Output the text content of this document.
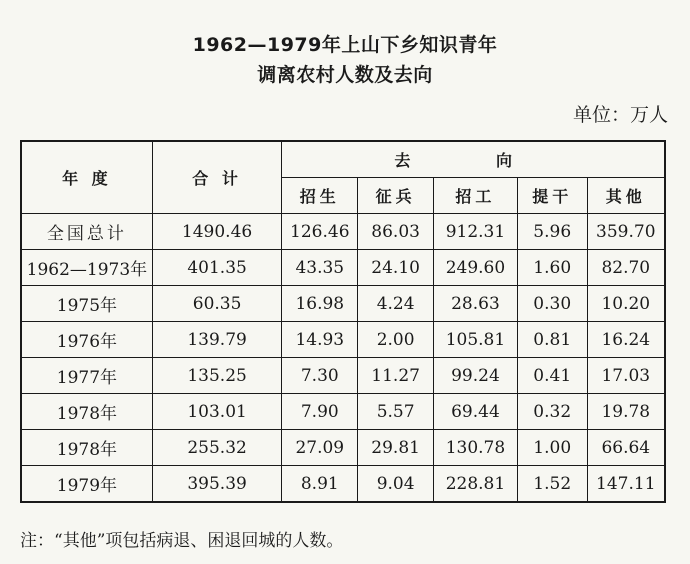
1962—1979年上山下乡知识青年
调离农村人数及去向
单位：万人
年 度	合 计	去 向				
		招生	征兵	招工	提干	其他
全国总计	1490.46	126.46	86.03	912.31	5.96	359.70
1962—1973年	401.35	43.35	24.10	249.60	1.60	82.70
1975年	60.35	16.98	4.24	28.63	0.30	10.20
1976年	139.79	14.93	2.00	105.81	0.81	16.24
1977年	135.25	7.30	11.27	99.24	0.41	17.03
1978年	103.01	7.90	5.57	69.44	0.32	19.78
1978年	255.32	27.09	29.81	130.78	1.00	66.64
1979年	395.39	8.91	9.04	228.81	1.52	147.11
注：“其他”项包括病退、困退回城的人数。
